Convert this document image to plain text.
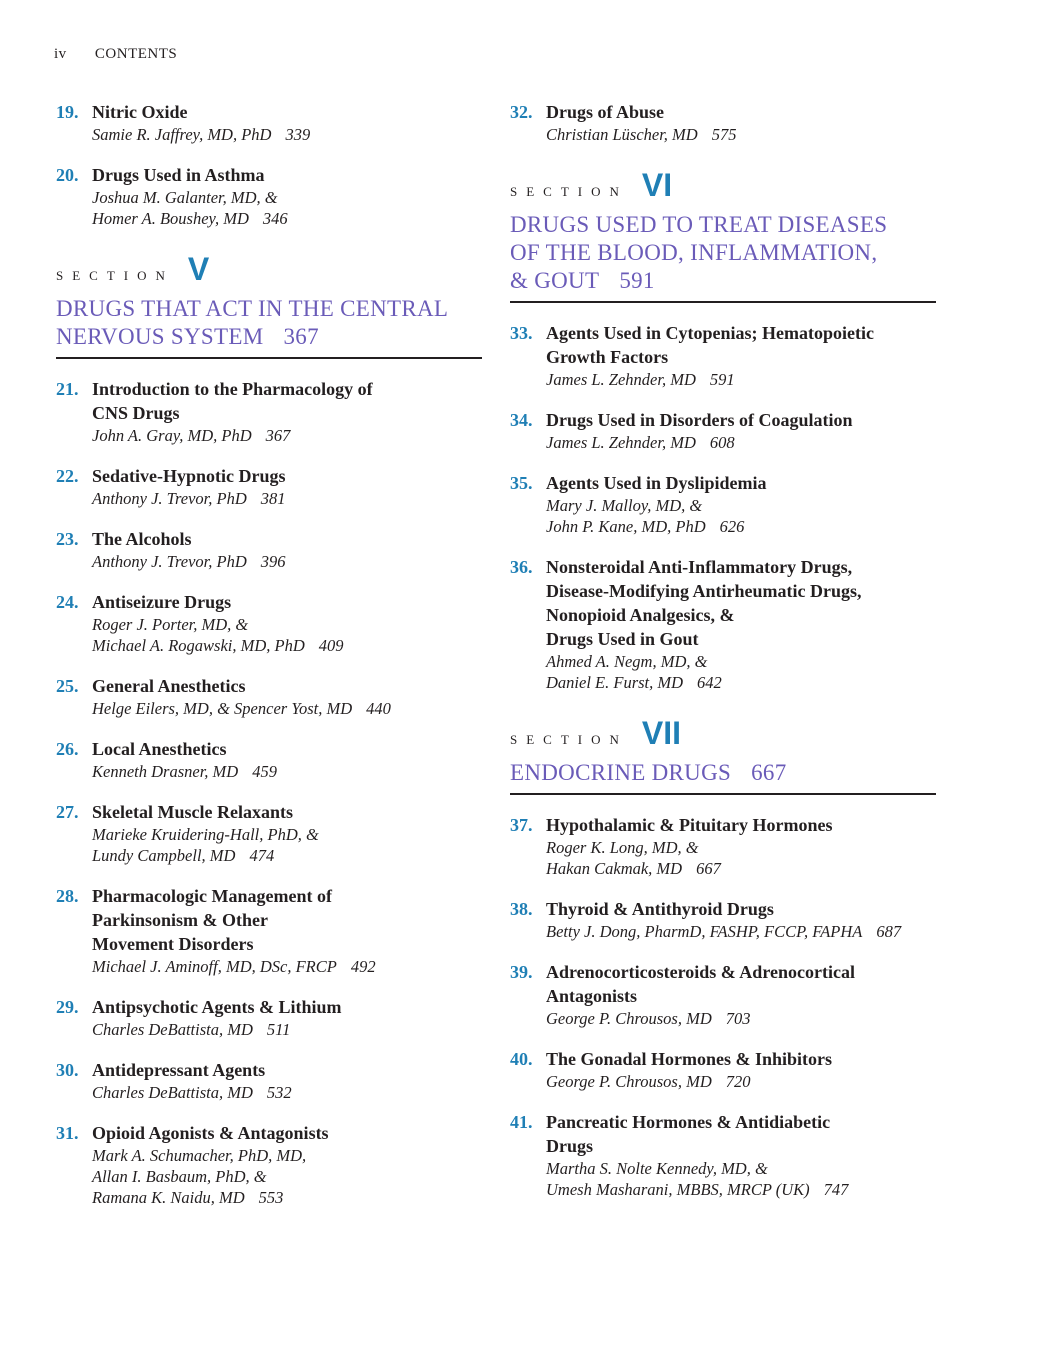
iv CONTENTS
19. Nitric Oxide
Samie R. Jaffrey, MD, PhD 339
20. Drugs Used in Asthma
Joshua M. Galanter, MD, &
Homer A. Boushey, MD 346
SECTION V
DRUGS THAT ACT IN THE CENTRAL
NERVOUS SYSTEM 367
21. Introduction to the Pharmacology of
CNS Drugs
John A. Gray, MD, PhD 367
22. Sedative-Hypnotic Drugs
Anthony J. Trevor, PhD 381
23. The Alcohols
Anthony J. Trevor, PhD 396
24. Antiseizure Drugs
Roger J. Porter, MD, &
Michael A. Rogawski, MD, PhD 409
25. General Anesthetics
Helge Eilers, MD, & Spencer Yost, MD 440
26. Local Anesthetics
Kenneth Drasner, MD 459
27. Skeletal Muscle Relaxants
Marieke Kruidering-Hall, PhD, &
Lundy Campbell, MD 474
28. Pharmacologic Management of
Parkinsonism & Other
Movement Disorders
Michael J. Aminoff, MD, DSc, FRCP 492
29. Antipsychotic Agents & Lithium
Charles DeBattista, MD 511
30. Antidepressant Agents
Charles DeBattista, MD 532
31. Opioid Agonists & Antagonists
Mark A. Schumacher, PhD, MD,
Allan I. Basbaum, PhD, &
Ramana K. Naidu, MD 553
32. Drugs of Abuse
Christian Lüscher, MD 575
SECTION VI
DRUGS USED TO TREAT DISEASES
OF THE BLOOD, INFLAMMATION,
& GOUT 591
33. Agents Used in Cytopenias; Hematopoietic
Growth Factors
James L. Zehnder, MD 591
34. Drugs Used in Disorders of Coagulation
James L. Zehnder, MD 608
35. Agents Used in Dyslipidemia
Mary J. Malloy, MD, &
John P. Kane, MD, PhD 626
36. Nonsteroidal Anti-Inflammatory Drugs,
Disease-Modifying Antirheumatic Drugs,
Nonopioid Analgesics, &
Drugs Used in Gout
Ahmed A. Negm, MD, &
Daniel E. Furst, MD 642
SECTION VII
ENDOCRINE DRUGS 667
37. Hypothalamic & Pituitary Hormones
Roger K. Long, MD, &
Hakan Cakmak, MD 667
38. Thyroid & Antithyroid Drugs
Betty J. Dong, PharmD, FASHP, FCCP, FAPHA 687
39. Adrenocorticosteroids & Adrenocortical
Antagonists
George P. Chrousos, MD 703
40. The Gonadal Hormones & Inhibitors
George P. Chrousos, MD 720
41. Pancreatic Hormones & Antidiabetic
Drugs
Martha S. Nolte Kennedy, MD, &
Umesh Masharani, MBBS, MRCP (UK) 747
